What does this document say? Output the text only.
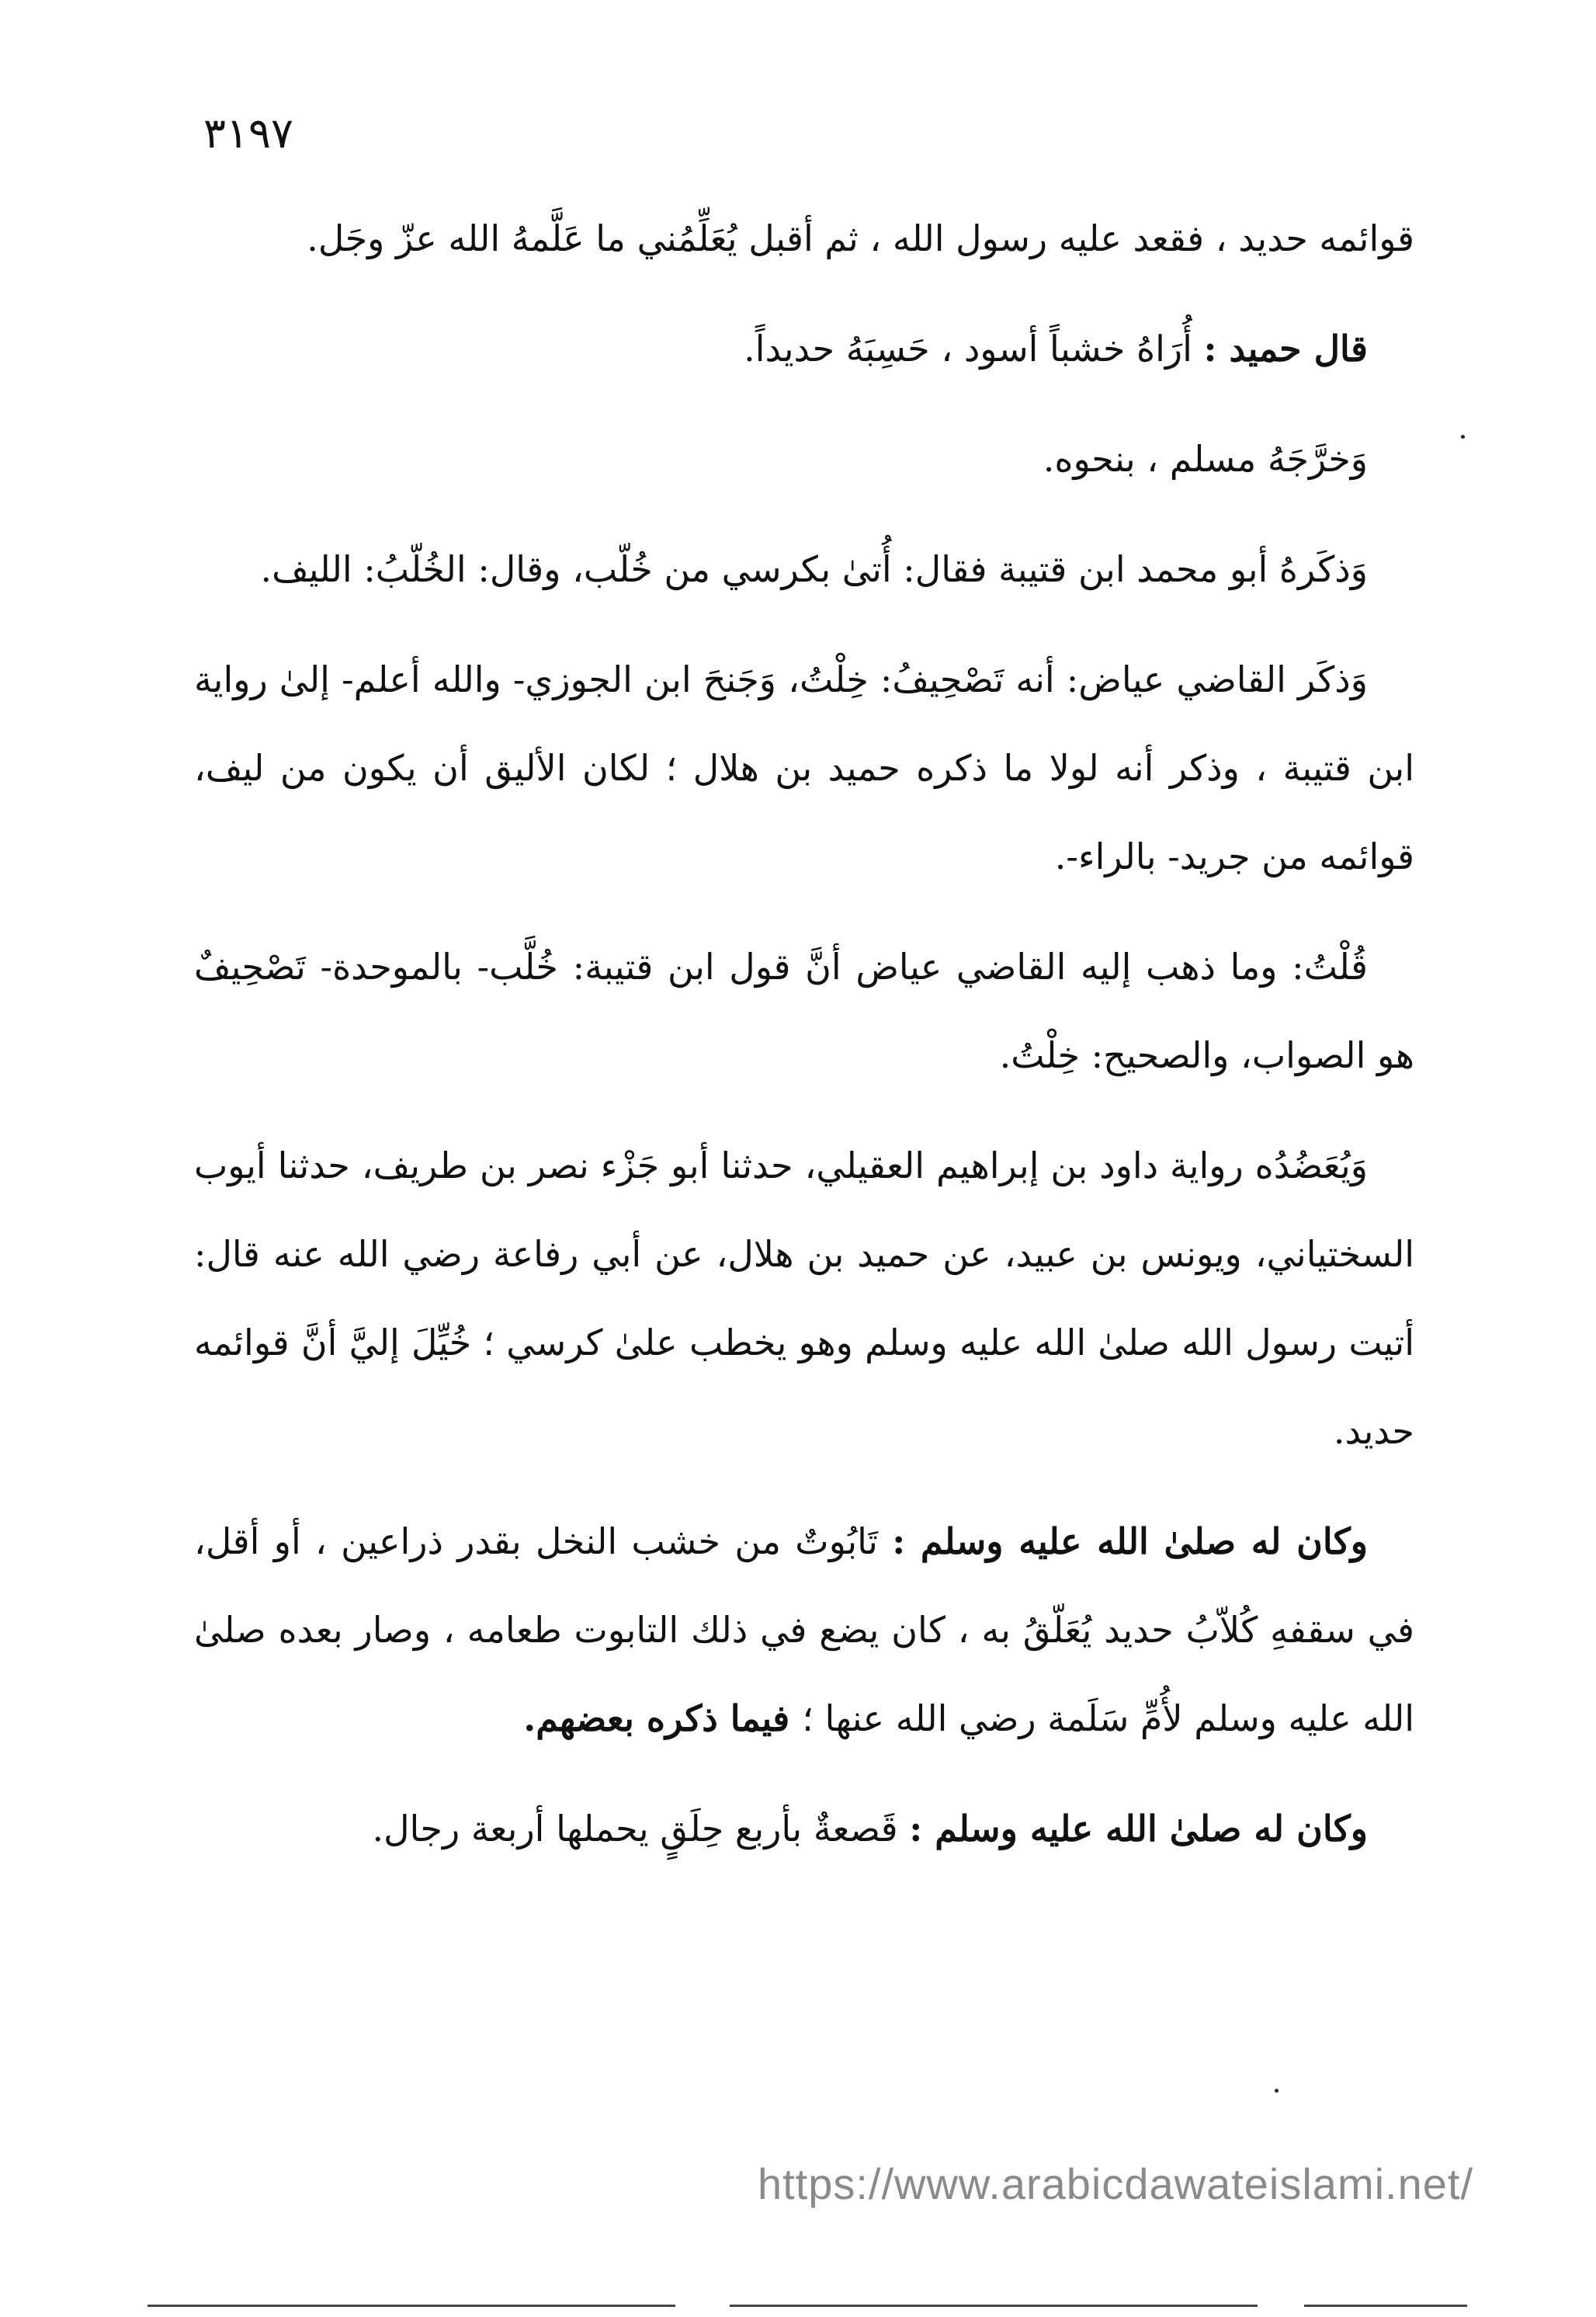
٣١٩٧

قوائمه حديد ، فقعد عليه رسول الله ، ثم أقبل يُعَلِّمُني ما عَلَّمهُ الله عزّ وجَل.

قال حميد : أُرَاهُ خشباً أسود ، حَسِبَهُ حديداً.

وَخرَّجَهُ مسلم ، بنحوه.

وَذكَرهُ أبو محمد ابن قتيبة فقال: أُتىٰ بكرسي من خُلّب، وقال: الخُلّبُ: الليف.

وَذكَر القاضي عياض: أنه تَصْحِيفُ: خِلْتُ، وَجَنحَ ابن الجوزي- والله أعلم- إلىٰ رواية ابن قتيبة ، وذكر أنه لولا ما ذكره حميد بن هلال ؛ لكان الأليق أن يكون من ليف، قوائمه من جريد- بالراء-.

قُلْتُ: وما ذهب إليه القاضي عياض أنَّ قول ابن قتيبة: خُلَّب- بالموحدة- تَصْحِيفٌ هو الصواب، والصحيح: خِلْتُ.

وَيُعَضُدُه رواية داود بن إبراهيم العقيلي، حدثنا أبو جَزْء نصر بن طريف، حدثنا أيوب السختياني، ويونس بن عبيد، عن حميد بن هلال، عن أبي رفاعة رضي الله عنه قال: أتيت رسول الله صلىٰ الله عليه وسلم وهو يخطب علىٰ كرسي ؛ خُيِّلَ إليَّ أنَّ قوائمه حديد.

وكان له صلىٰ الله عليه وسلم : تَابُوتٌ من خشب النخل بقدر ذراعين ، أو أقل، في سقفهِ كُلاّبُ حديد يُعَلّقُ به ، كان يضع في ذلك التابوت طعامه ، وصار بعده صلىٰ الله عليه وسلم لأُمِّ سَلَمة رضي الله عنها ؛ فيما ذكره بعضهم.

وكان له صلىٰ الله عليه وسلم : قَصعةٌ بأربع حِلَقٍ يحملها أربعة رجال.

https://www.arabicdawateislami.net/
